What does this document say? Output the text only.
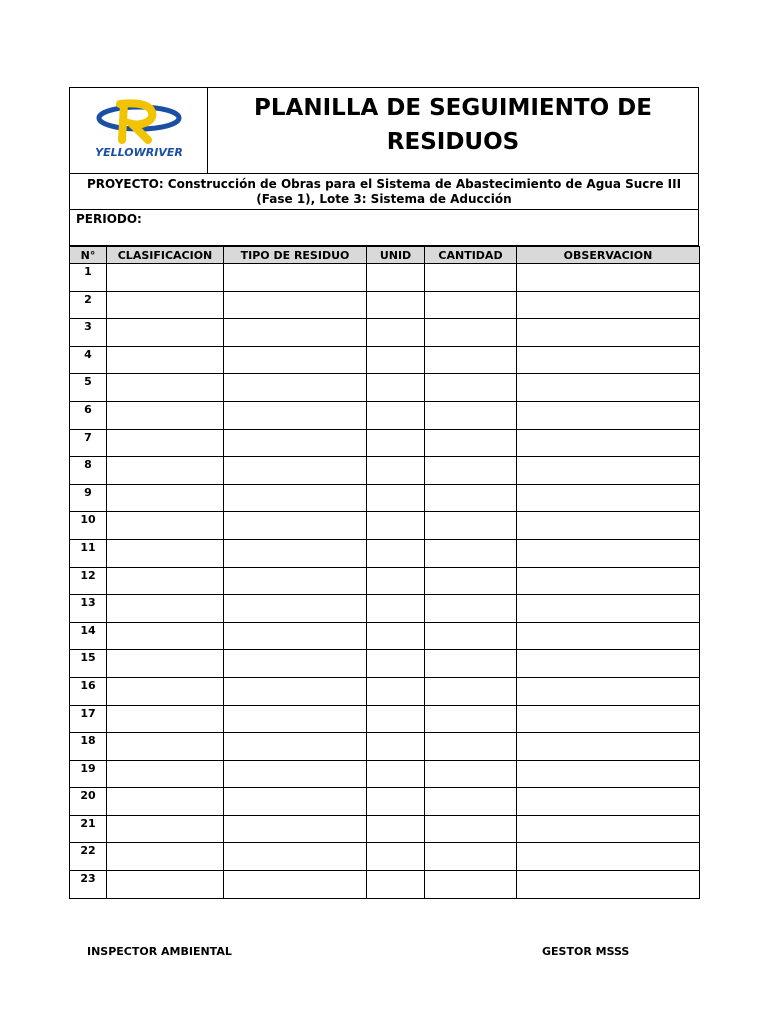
YELLOWRIVER
PLANILLA DE SEGUIMIENTO DE RESIDUOS
PROYECTO: Construcción de Obras para el Sistema de Abastecimiento de Agua Sucre III (Fase 1), Lote 3: Sistema de Aducción
PERIODO:
N°	CLASIFICACION	TIPO DE RESIDUO	UNID	CANTIDAD	OBSERVACION
1					
2					
3					
4					
5					
6					
7					
8					
9					
10					
11					
12					
13					
14					
15					
16					
17					
18					
19					
20					
21					
22					
23					
INSPECTOR AMBIENTAL	GESTOR MSSS
